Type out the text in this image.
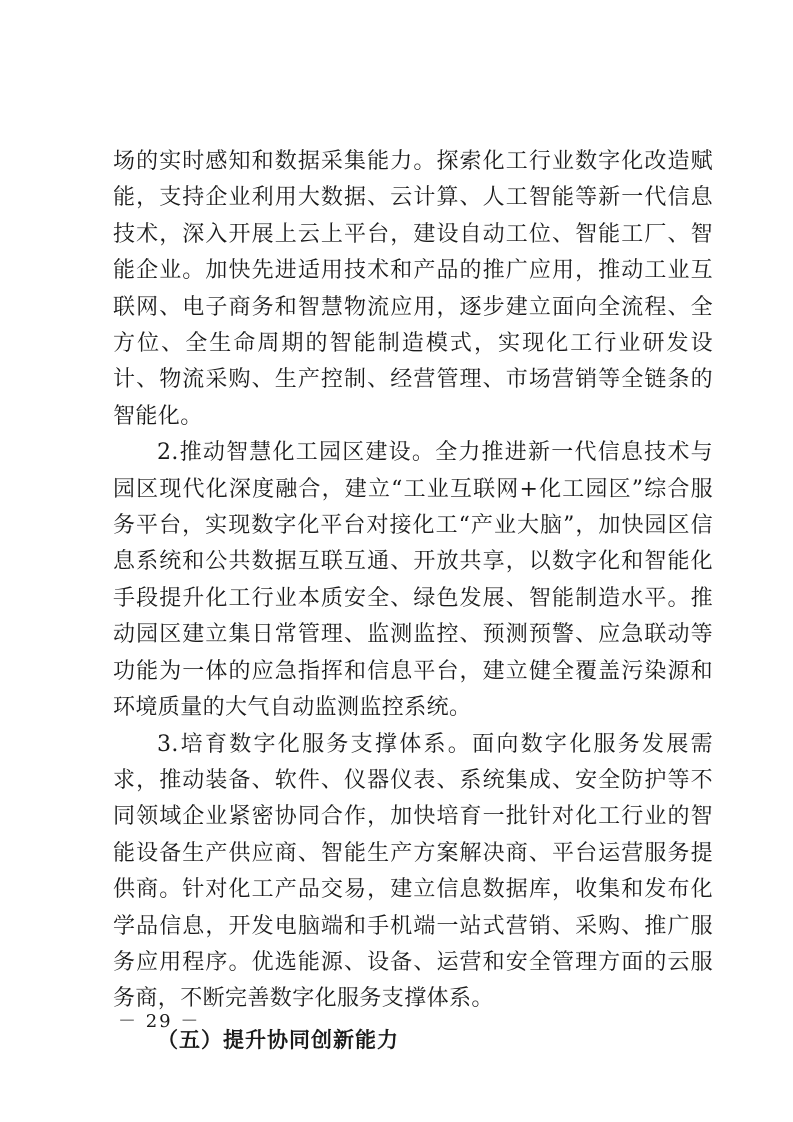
场的实时感知和数据采集能力。探索化工行业数字化改造赋能，支持企业利用大数据、云计算、人工智能等新一代信息技术，深入开展上云上平台，建设自动工位、智能工厂、智能企业。加快先进适用技术和产品的推广应用，推动工业互联网、电子商务和智慧物流应用，逐步建立面向全流程、全方位、全生命周期的智能制造模式，实现化工行业研发设计、物流采购、生产控制、经营管理、市场营销等全链条的智能化。

2.推动智慧化工园区建设。全力推进新一代信息技术与园区现代化深度融合，建立“工业互联网+化工园区”综合服务平台，实现数字化平台对接化工“产业大脑”，加快园区信息系统和公共数据互联互通、开放共享，以数字化和智能化手段提升化工行业本质安全、绿色发展、智能制造水平。推动园区建立集日常管理、监测监控、预测预警、应急联动等功能为一体的应急指挥和信息平台，建立健全覆盖污染源和环境质量的大气自动监测监控系统。

3.培育数字化服务支撑体系。面向数字化服务发展需求，推动装备、软件、仪器仪表、系统集成、安全防护等不同领域企业紧密协同合作，加快培育一批针对化工行业的智能设备生产供应商、智能生产方案解决商、平台运营服务提供商。针对化工产品交易，建立信息数据库，收集和发布化学品信息，开发电脑端和手机端一站式营销、采购、推广服务应用程序。优选能源、设备、运营和安全管理方面的云服务商，不断完善数字化服务支撑体系。

（五）提升协同创新能力
－ 29 －
